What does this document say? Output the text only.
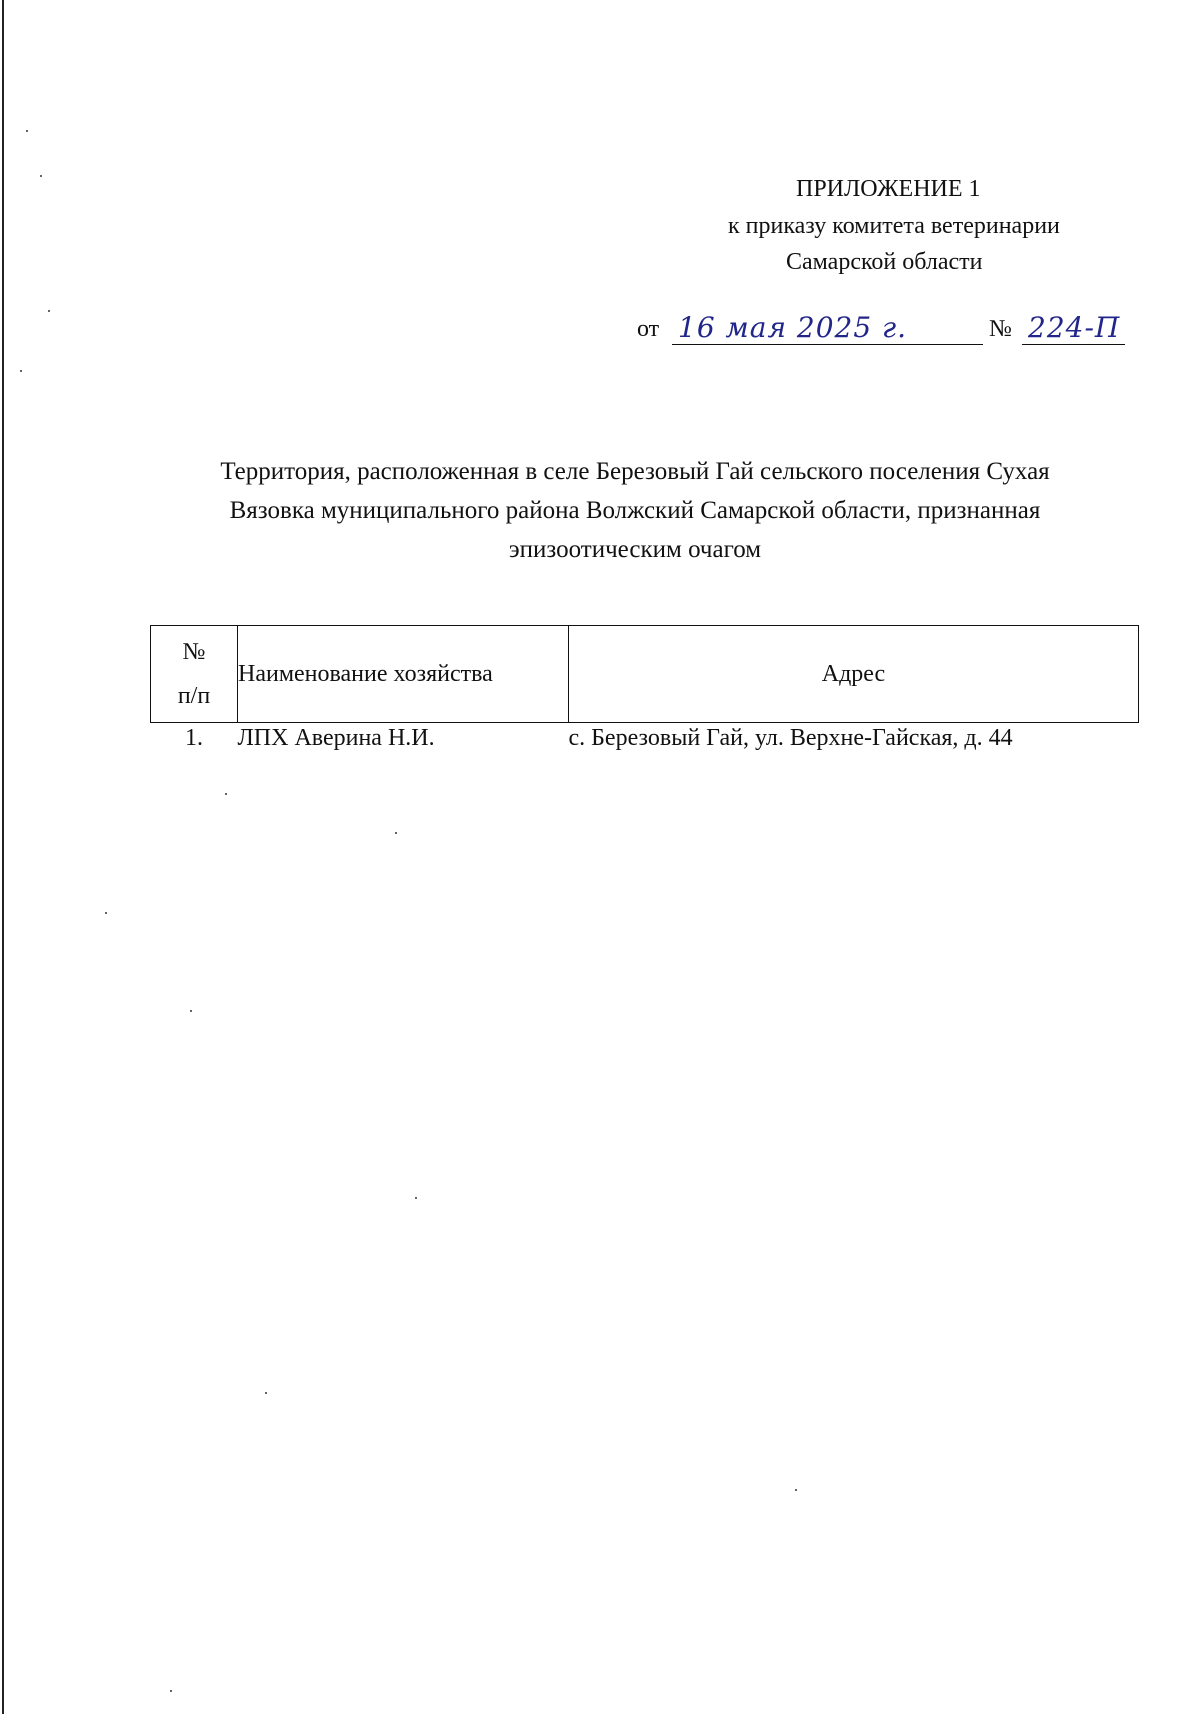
ПРИЛОЖЕНИЕ 1
к приказу комитета ветеринарии
Самарской области
от 16 мая 2025 г.	№ 224-П
Территория, расположенная в селе Березовый Гай сельского поселения Сухая
Вязовка муниципального района Волжский Самарской области, признанная
эпизоотическим очагом
№
п/п	Наименование хозяйства	Адрес
1.	ЛПХ Аверина Н.И.	с. Березовый Гай, ул. Верхне-Гайская, д. 44
